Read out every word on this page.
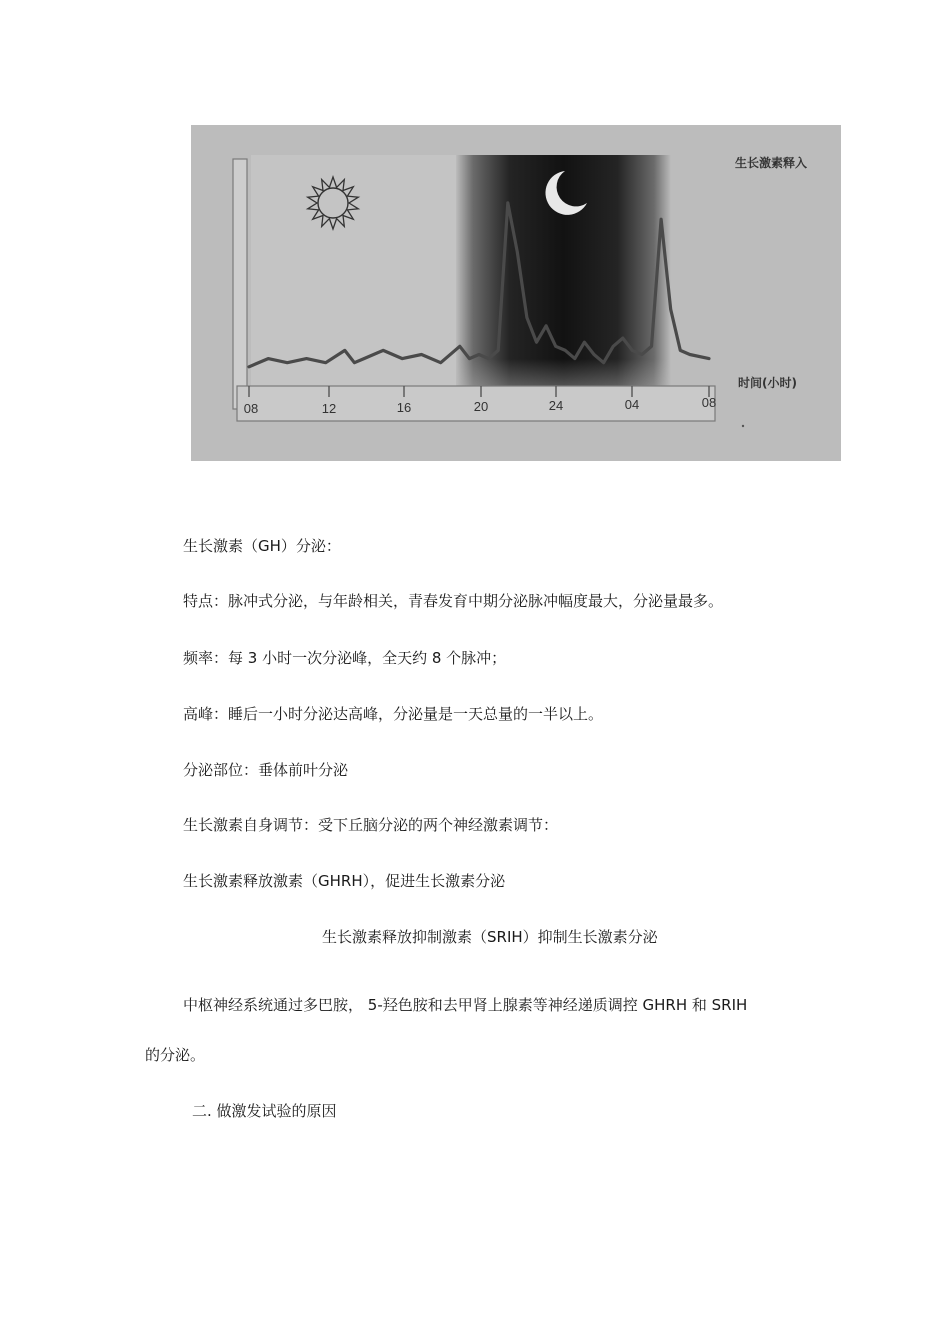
08	12	16	20	24	04	08
时间(小时)
生长激素释入
生长激素（GH）分泌：
特点：脉冲式分泌，与年龄相关，青春发育中期分泌脉冲幅度最大，分泌量最多。
频率：每 3 小时一次分泌峰，全天约 8 个脉冲；
高峰：睡后一小时分泌达高峰，分泌量是一天总量的一半以上。
分泌部位：垂体前叶分泌
生长激素自身调节：受下丘脑分泌的两个神经激素调节：
生长激素释放激素（GHRH），促进生长激素分泌
生长激素释放抑制激素（SRIH）抑制生长激素分泌
中枢神经系统通过多巴胺， 5-羟色胺和去甲肾上腺素等神经递质调控 GHRH 和 SRIH
的分泌。
二. 做激发试验的原因
